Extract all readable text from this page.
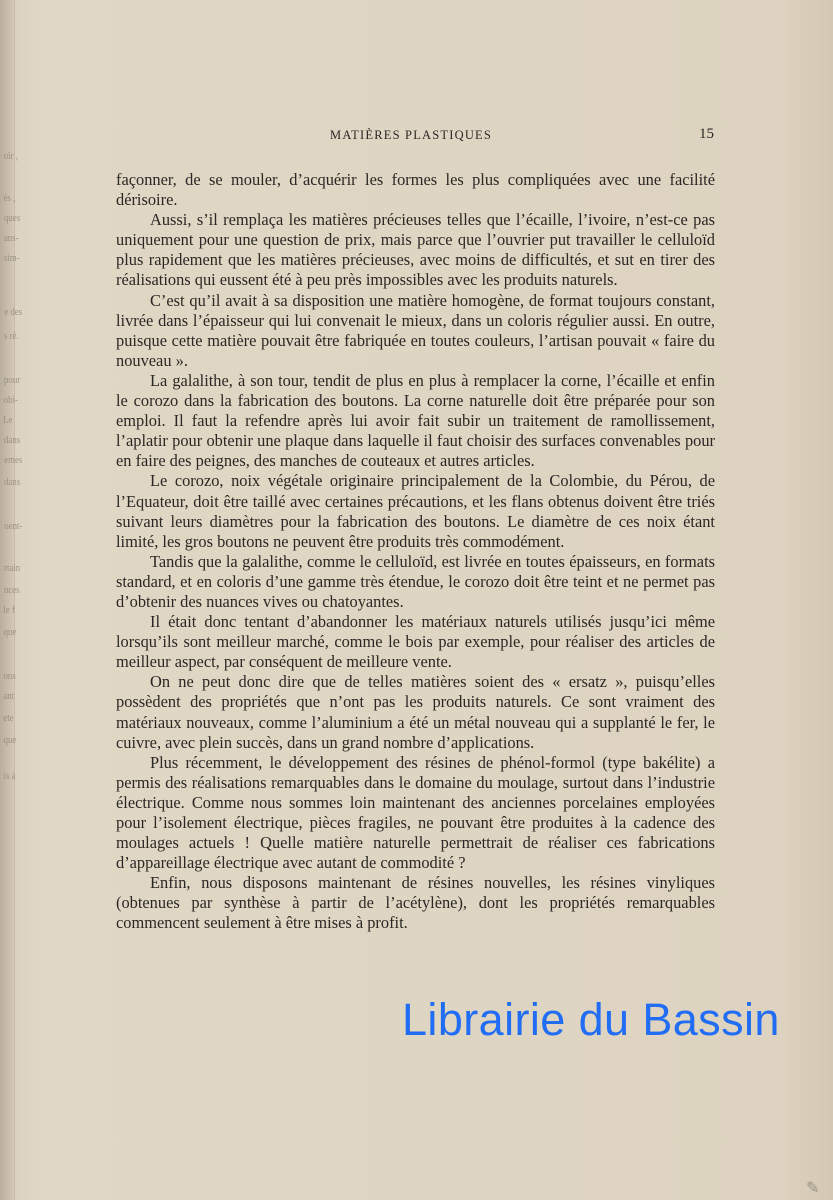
oir ,
ès ,
ques
ans-
sim-
e des
s ré.
pour
obi-
Le
dans
emes
dans
oent-
rtain
nces
le f
que
ons
ant
ete
que
is à
MATIÈRES PLASTIQUES	15

façonner, de se mouler, d’acquérir les formes les plus compliquées avec une facilité dérisoire.

Aussi, s’il remplaça les matières précieuses telles que l’écaille, l’ivoire, n’est-ce pas uniquement pour une question de prix, mais parce que l’ouvrier put travailler le celluloïd plus rapidement que les matières précieuses, avec moins de difficultés, et sut en tirer des réalisations qui eussent été à peu près impossibles avec les produits naturels.

C’est qu’il avait à sa disposition une matière homogène, de format toujours constant, livrée dans l’épaisseur qui lui convenait le mieux, dans un coloris régulier aussi. En outre, puisque cette matière pouvait être fabriquée en toutes couleurs, l’artisan pouvait « faire du nouveau ».

La galalithe, à son tour, tendit de plus en plus à remplacer la corne, l’écaille et enfin le corozo dans la fabrication des boutons. La corne naturelle doit être préparée pour son emploi. Il faut la refendre après lui avoir fait subir un traitement de ramollissement, l’aplatir pour obtenir une plaque dans laquelle il faut choisir des surfaces convenables pour en faire des peignes, des manches de couteaux et autres articles.

Le corozo, noix végétale originaire principalement de la Colombie, du Pérou, de l’Equateur, doit être taillé avec certaines précautions, et les flans obtenus doivent être triés suivant leurs diamètres pour la fabrication des boutons. Le diamètre de ces noix étant limité, les gros boutons ne peuvent être produits très commodément.

Tandis que la galalithe, comme le celluloïd, est livrée en toutes épaisseurs, en formats standard, et en coloris d’une gamme très étendue, le corozo doit être teint et ne permet pas d’obtenir des nuances vives ou chatoyantes.

Il était donc tentant d’abandonner les matériaux naturels utilisés jusqu’ici même lorsqu’ils sont meilleur marché, comme le bois par exemple, pour réaliser des articles de meilleur aspect, par conséquent de meilleure vente.

On ne peut donc dire que de telles matières soient des « ersatz », puisqu’elles possèdent des propriétés que n’ont pas les produits naturels. Ce sont vraiment des matériaux nouveaux, comme l’aluminium a été un métal nouveau qui a supplanté le fer, le cuivre, avec plein succès, dans un grand nombre d’applications.

Plus récemment, le développement des résines de phénol-formol (type bakélite) a permis des réalisations remarquables dans le domaine du moulage, surtout dans l’industrie électrique. Comme nous sommes loin maintenant des anciennes porcelaines employées pour l’isolement électrique, pièces fragiles, ne pouvant être produites à la cadence des moulages actuels ! Quelle matière naturelle permettrait de réaliser ces fabrications d’appareillage électrique avec autant de commodité ?

Enfin, nous disposons maintenant de résines nouvelles, les résines vinyliques (obtenues par synthèse à partir de l’acétylène), dont les propriétés remarquables commencent seulement à être mises à profit.

Librairie du Bassin
✎
